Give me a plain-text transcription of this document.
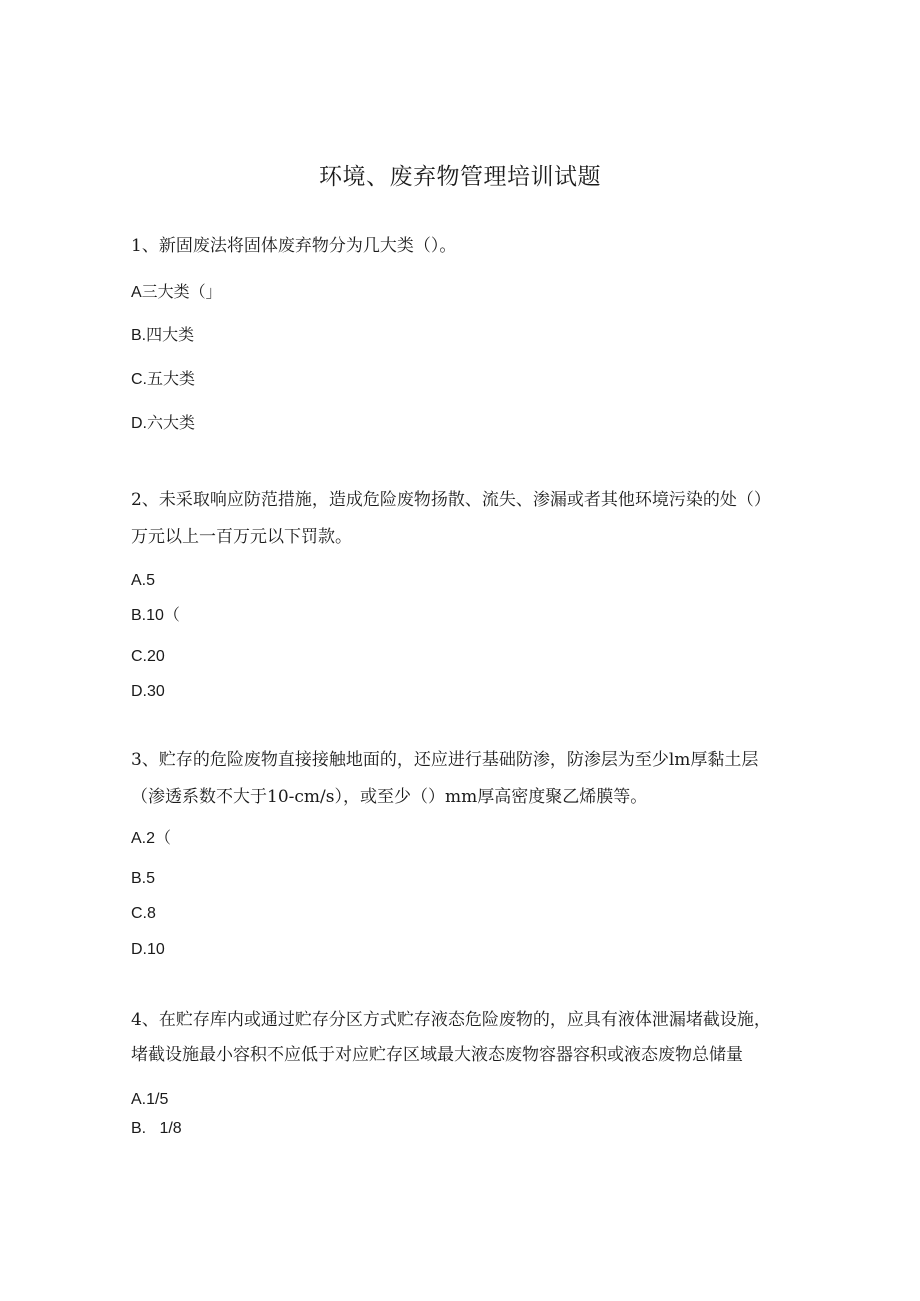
环境、废弃物管理培训试题
1、新固废法将固体废弃物分为几大类（）。
A三大类（」
B.四大类
C.五大类
D.六大类
2、未采取响应防范措施，造成危险废物扬散、流失、渗漏或者其他环境污染的处（）
万元以上一百万元以下罚款。
A.5
B.10（
C.20
D.30
3、贮存的危险废物直接接触地面的，还应进行基础防渗，防渗层为至少lm厚黏土层
（渗透系数不大于10-cm/s），或至少（）mm厚高密度聚乙烯膜等。
A.2（
B.5
C.8
D.10
4、在贮存库内或通过贮存分区方式贮存液态危险废物的，应具有液体泄漏堵截设施，
堵截设施最小容积不应低于对应贮存区域最大液态废物容器容积或液态废物总储量
A.1/5
B.   1/8
